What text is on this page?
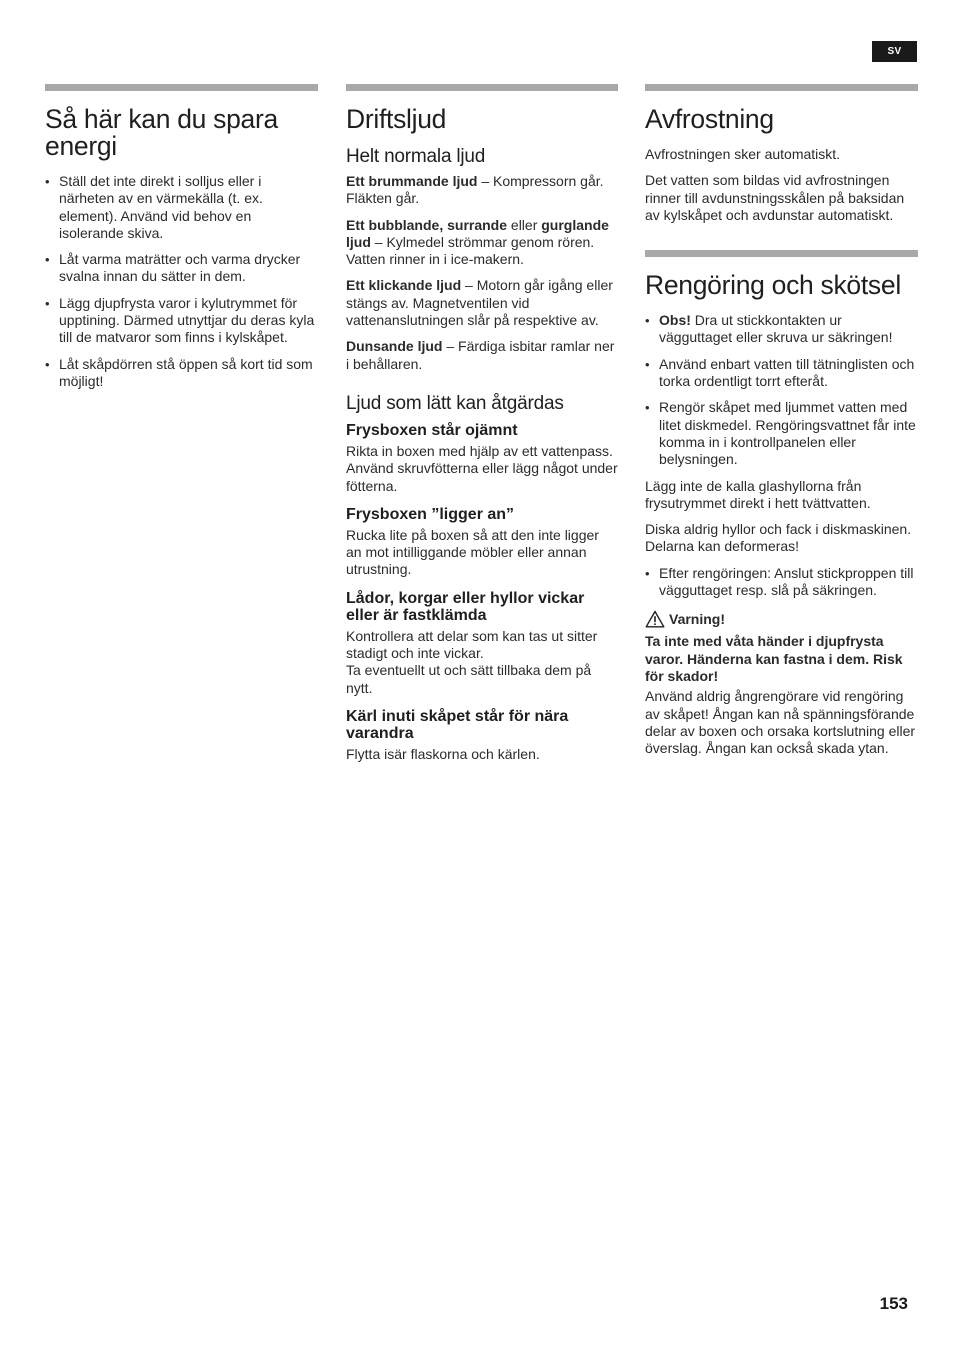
SV
Så här kan du spara energi
• Ställ det inte direkt i solljus eller i närheten av en värmekälla (t. ex. element). Använd vid behov en isolerande skiva.
• Låt varma maträtter och varma drycker svalna innan du sätter in dem.
• Lägg djupfrysta varor i kylutrymmet för upptining. Därmed utnyttjar du deras kyla till de matvaror som finns i kylskåpet.
• Låt skåpdörren stå öppen så kort tid som möjligt!
Driftsljud
Helt normala ljud

Ett brummande ljud – Kompressorn går. Fläkten går.

Ett bubblande, surrande eller gurglande ljud – Kylmedel strömmar genom rören. Vatten rinner in i ice-makern.

Ett klickande ljud – Motorn går igång eller stängs av. Magnetventilen vid vattenanslutningen slår på respektive av.

Dunsande ljud – Färdiga isbitar ramlar ner i behållaren.

Ljud som lätt kan åtgärdas
Frysboxen står ojämnt

Rikta in boxen med hjälp av ett vattenpass. Använd skruvfötterna eller lägg något under fötterna.

Frysboxen ”ligger an”

Rucka lite på boxen så att den inte ligger an mot intilliggande möbler eller annan utrustning.

Lådor, korgar eller hyllor vickar eller är fastklämda

Kontrollera att delar som kan tas ut sitter stadigt och inte vickar.
Ta eventuellt ut och sätt tillbaka dem på nytt.

Kärl inuti skåpet står för nära varandra

Flytta isär flaskorna och kärlen.

Avfrostning

Avfrostningen sker automatiskt.

Det vatten som bildas vid avfrostningen rinner till avdunstningsskålen på baksidan av kylskåpet och avdunstar automatiskt.

Rengöring och skötsel
• Obs! Dra ut stickkontakten ur vägguttaget eller skruva ur säkringen!
• Använd enbart vatten till tätninglisten och torka ordentligt torrt efteråt.
• Rengör skåpet med ljummet vatten med litet diskmedel. Rengöringsvattnet får inte komma in i kontrollpanelen eller belysningen.

Lägg inte de kalla glashyllorna från frysutrymmet direkt i hett tvättvatten.

Diska aldrig hyllor och fack i diskmaskinen. Delarna kan deformeras!

• Efter rengöringen: Anslut stickproppen till vägguttaget resp. slå på säkringen.
Varning!

Ta inte med våta händer i djupfrysta varor. Händerna kan fastna i dem. Risk för skador!

Använd aldrig ångrengörare vid rengöring av skåpet! Ångan kan nå spänningsförande delar av boxen och orsaka kortslutning eller överslag. Ångan kan också skada ytan.

153
